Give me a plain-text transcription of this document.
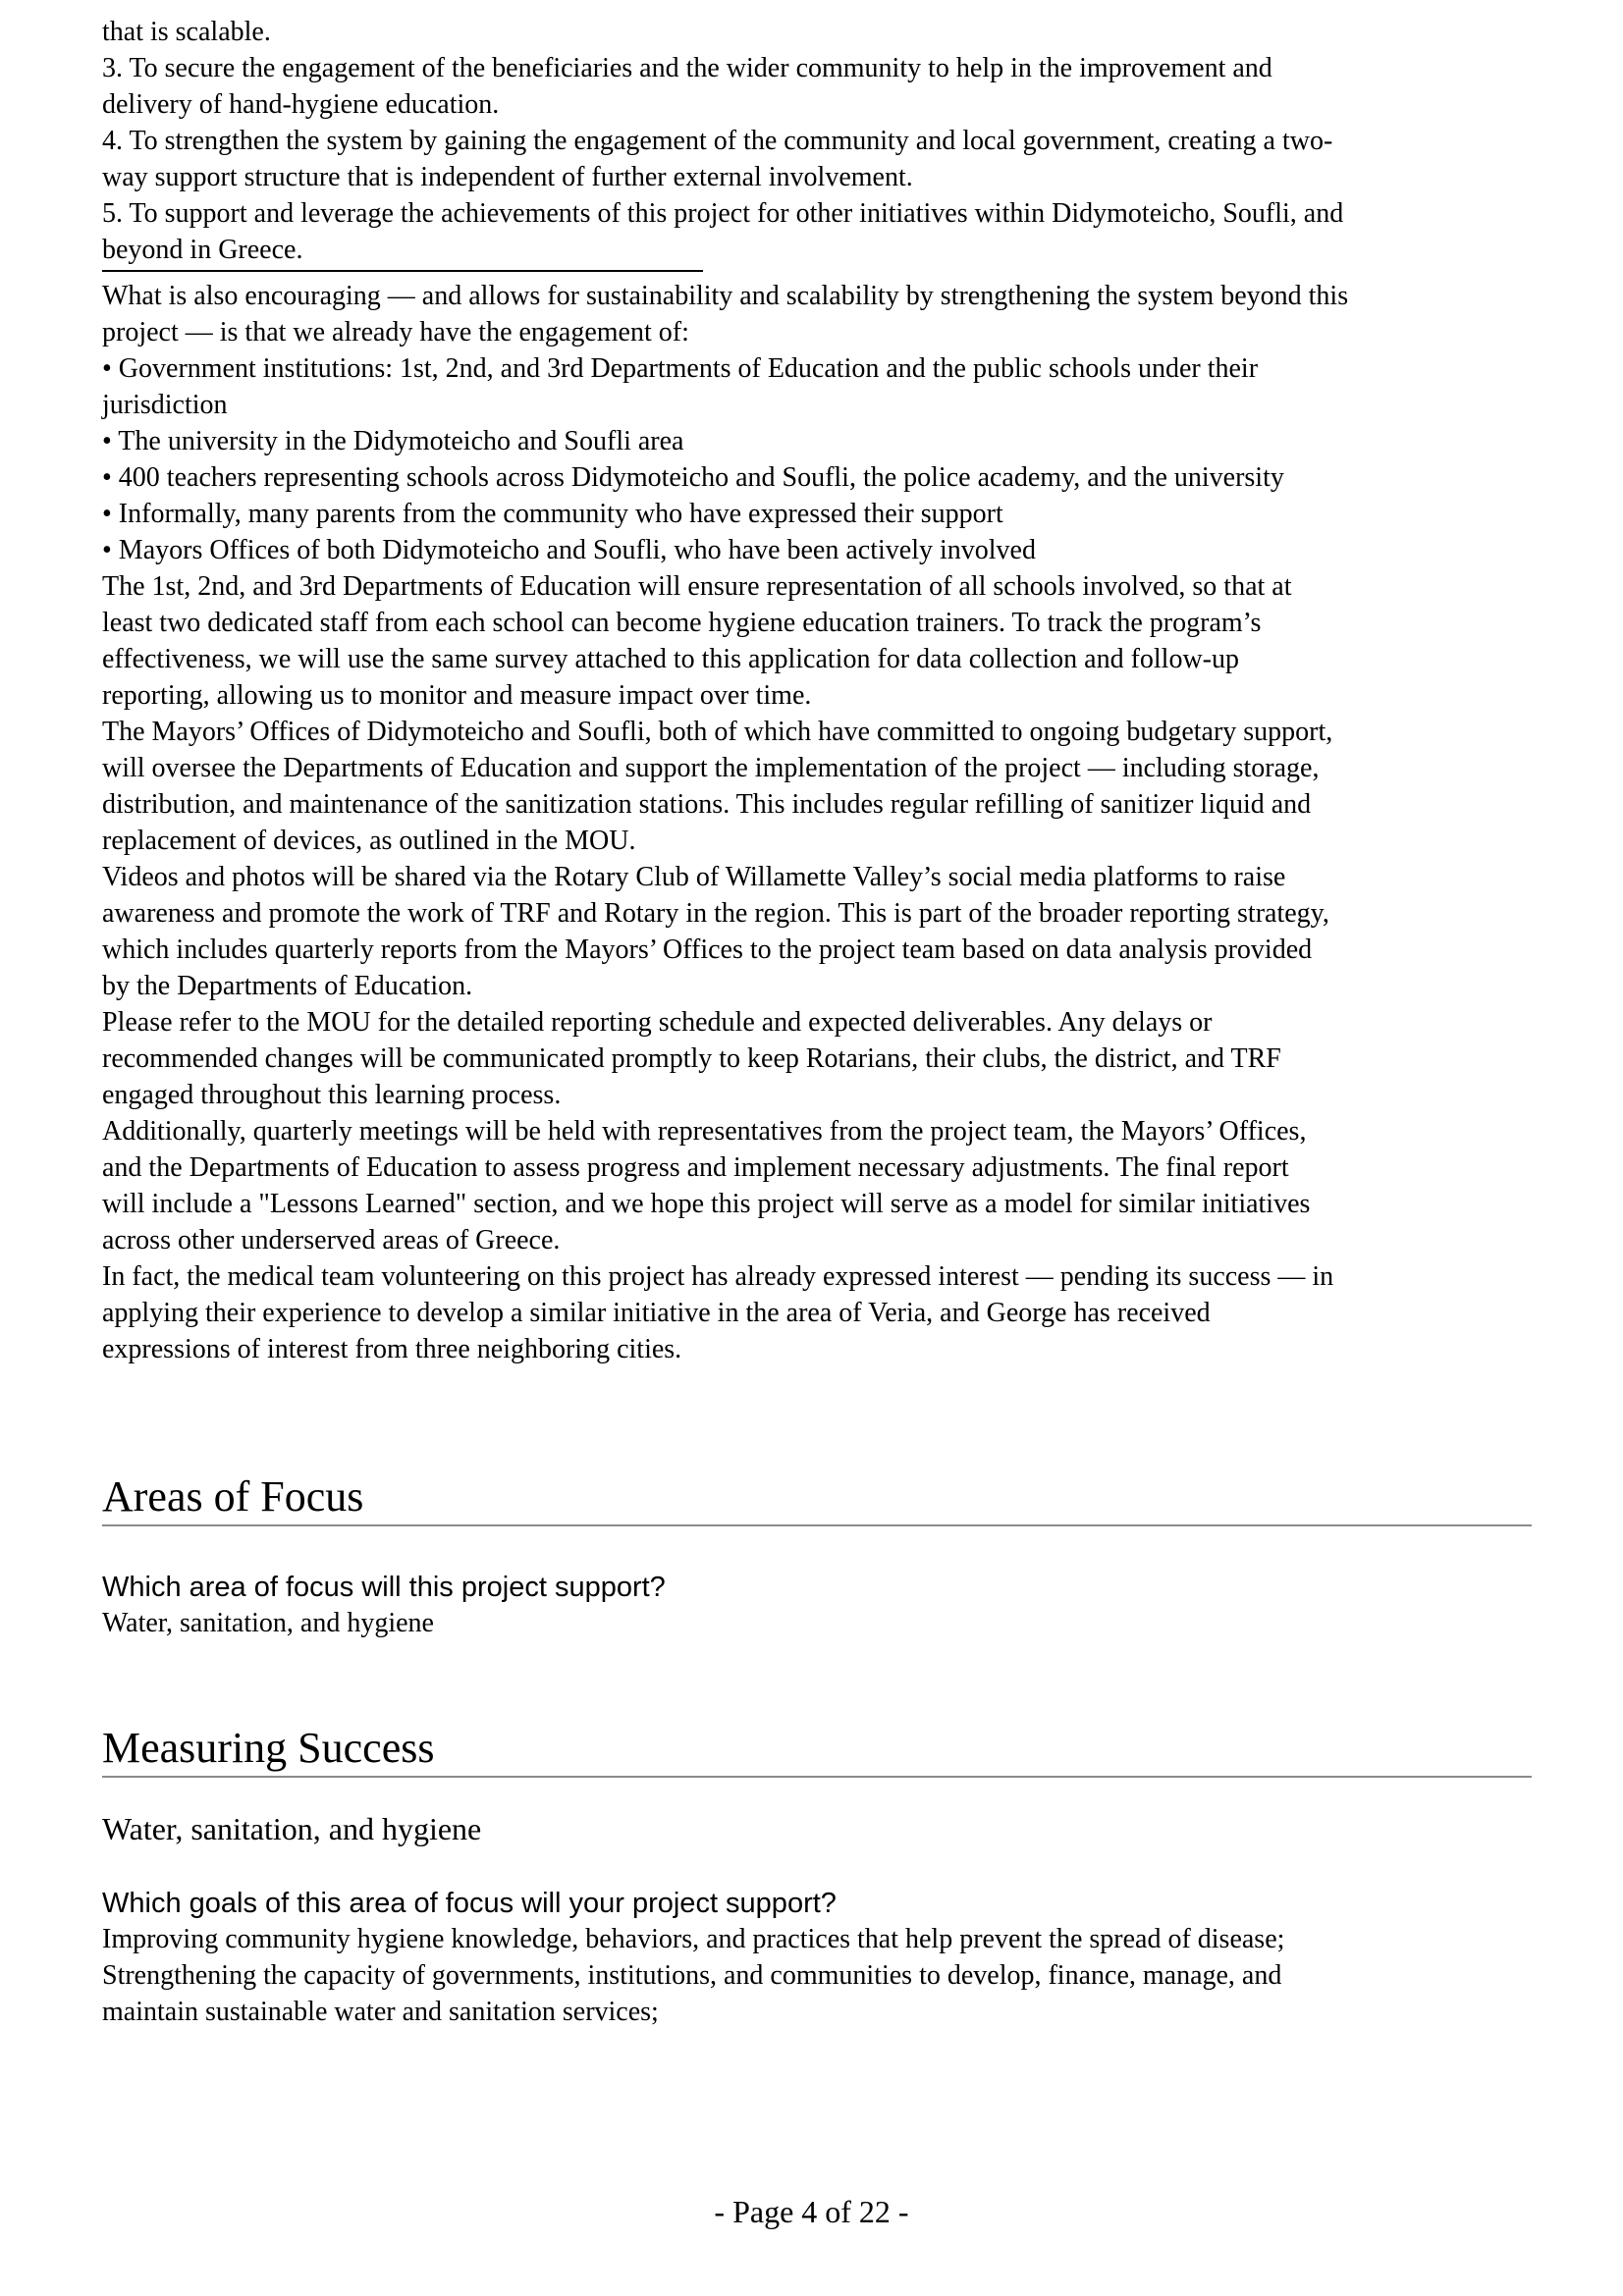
that is scalable.

3. To secure the engagement of the beneficiaries and the wider community to help in the improvement and

delivery of hand-hygiene education.

4. To strengthen the system by gaining the engagement of the community and local government, creating a two-

way support structure that is independent of further external involvement.

5. To support and leverage the achievements of this project for other initiatives within Didymoteicho, Soufli, and

beyond in Greece.

What is also encouraging — and allows for sustainability and scalability by strengthening the system beyond this

project — is that we already have the engagement of:

• Government institutions: 1st, 2nd, and 3rd Departments of Education and the public schools under their

jurisdiction

• The university in the Didymoteicho and Soufli area

• 400 teachers representing schools across Didymoteicho and Soufli, the police academy, and the university

• Informally, many parents from the community who have expressed their support

• Mayors Offices of both Didymoteicho and Soufli, who have been actively involved

The 1st, 2nd, and 3rd Departments of Education will ensure representation of all schools involved, so that at

least two dedicated staff from each school can become hygiene education trainers. To track the program’s

effectiveness, we will use the same survey attached to this application for data collection and follow-up

reporting, allowing us to monitor and measure impact over time.

The Mayors’ Offices of Didymoteicho and Soufli, both of which have committed to ongoing budgetary support,

will oversee the Departments of Education and support the implementation of the project — including storage,

distribution, and maintenance of the sanitization stations. This includes regular refilling of sanitizer liquid and

replacement of devices, as outlined in the MOU.

Videos and photos will be shared via the Rotary Club of Willamette Valley’s social media platforms to raise

awareness and promote the work of TRF and Rotary in the region. This is part of the broader reporting strategy,

which includes quarterly reports from the Mayors’ Offices to the project team based on data analysis provided

by the Departments of Education.

Please refer to the MOU for the detailed reporting schedule and expected deliverables. Any delays or

recommended changes will be communicated promptly to keep Rotarians, their clubs, the district, and TRF

engaged throughout this learning process.

Additionally, quarterly meetings will be held with representatives from the project team, the Mayors’ Offices,

and the Departments of Education to assess progress and implement necessary adjustments. The final report

will include a "Lessons Learned" section, and we hope this project will serve as a model for similar initiatives

across other underserved areas of Greece.

In fact, the medical team volunteering on this project has already expressed interest — pending its success — in

applying their experience to develop a similar initiative in the area of Veria, and George has received

expressions of interest from three neighboring cities.

Areas of Focus

Which area of focus will this project support?

Water, sanitation, and hygiene

Measuring Success

Water, sanitation, and hygiene

Which goals of this area of focus will your project support?

Improving community hygiene knowledge, behaviors, and practices that help prevent the spread of disease;

Strengthening the capacity of governments, institutions, and communities to develop, finance, manage, and

maintain sustainable water and sanitation services;

- Page 4 of 22 -
